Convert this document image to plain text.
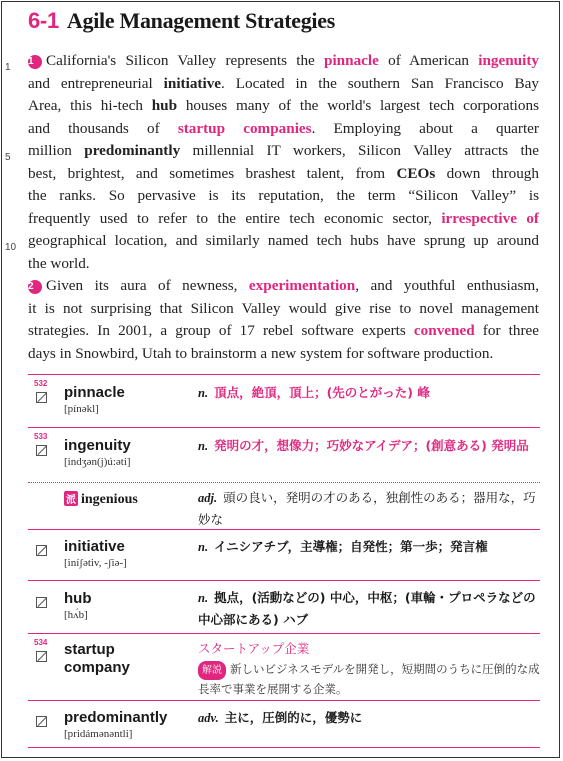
6-1 Agile Management Strategies
1
5
10
1 California's Silicon Valley represents the pinnacle of American ingenuity
and entrepreneurial initiative. Located in the southern San Francisco Bay
Area, this hi-tech hub houses many of the world's largest tech corporations
and thousands of startup companies. Employing about a quarter
million predominantly millennial IT workers, Silicon Valley attracts the
best, brightest, and sometimes brashest talent, from CEOs down through
the ranks. So pervasive is its reputation, the term “Silicon Valley” is
frequently used to refer to the entire tech economic sector, irrespective of
geographical location, and similarly named tech hubs have sprung up around
the world.
2 Given its aura of newness, experimentation, and youthful enthusiasm,
it is not surprising that Silicon Valley would give rise to novel management
strategies. In 2001, a group of 17 rebel software experts convened for three
days in Snowbird, Utah to brainstorm a new system for software production.
532
pinnacle
[pínəkl]
n. 頂点，絶頂，頂上；(先のとがった) 峰
533
ingenuity
[indʒən(j)ú:əti]
n. 発明の才，想像力；巧妙なアイデア；(創意ある) 発明品
派 ingenious	adj. 頭の良い，発明の才のある，独創性のある；器用な，巧妙な
initiative
[iníʃətiv, -ʃiə-]
n. イニシアチブ，主導権；自発性；第一歩；発言権
hub
[hʌ́b]
n. 拠点，(活動などの) 中心，中枢；(車輪・プロペラなどの中心部にある) ハブ
534 startup
company
スタートアップ企業
解説 新しいビジネスモデルを開発し，短期間のうちに圧倒的な成長率で事業を展開する企業。
predominantly
[pridámənəntli]
adv. 主に，圧倒的に，優勢に
